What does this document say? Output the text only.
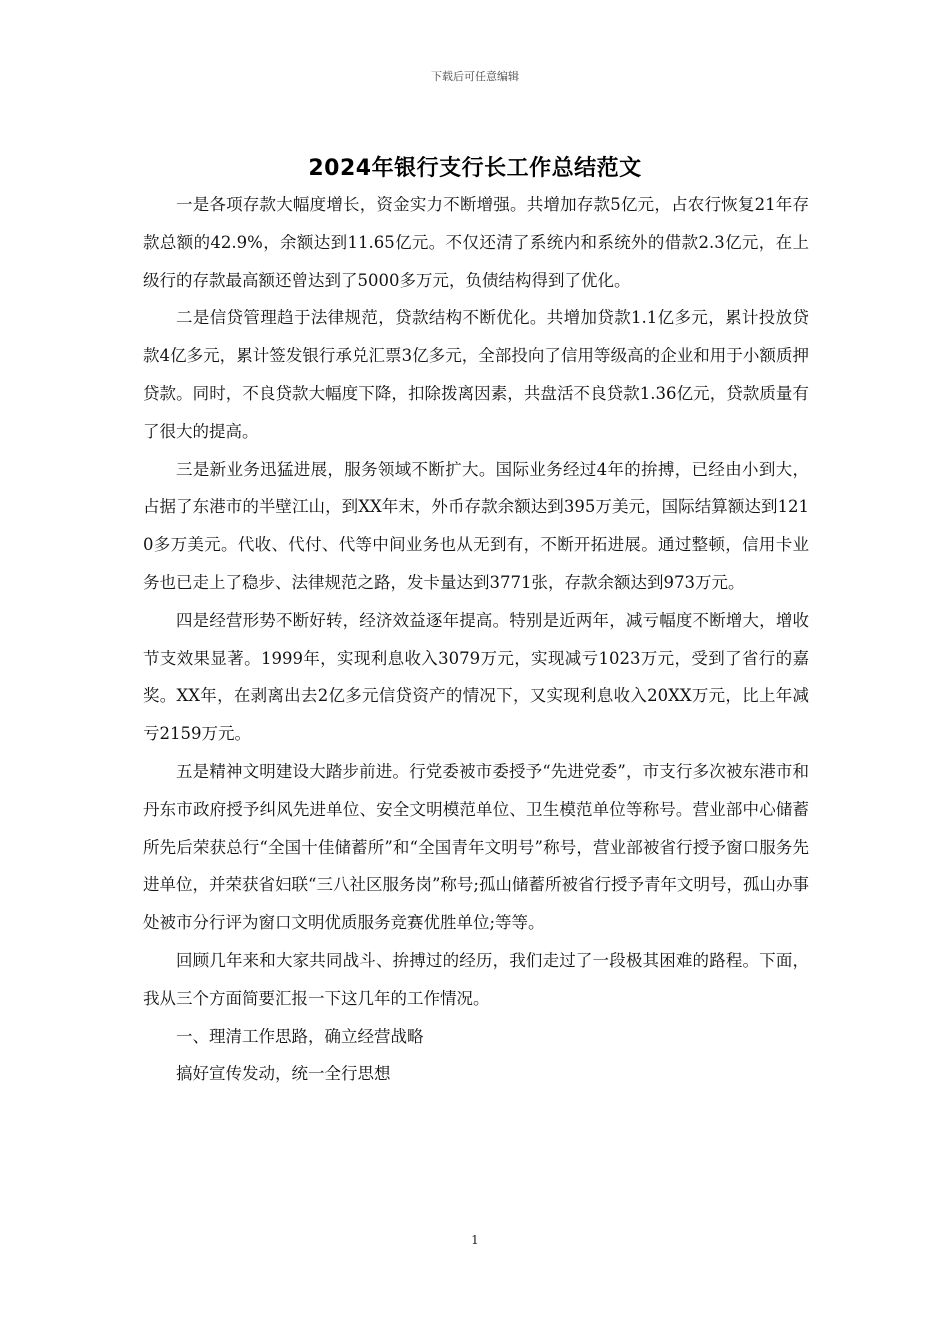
下载后可任意编辑
2024年银行支行长工作总结范文

一是各项存款大幅度增长，资金实力不断增强。共增加存款5亿元，占农行恢复21年存款总额的42.9%，余额达到11.65亿元。不仅还清了系统内和系统外的借款2.3亿元，在上级行的存款最高额还曾达到了5000多万元，负债结构得到了优化。

二是信贷管理趋于法律规范，贷款结构不断优化。共增加贷款1.1亿多元，累计投放贷款4亿多元，累计签发银行承兑汇票3亿多元，全部投向了信用等级高的企业和用于小额质押贷款。同时，不良贷款大幅度下降，扣除拨离因素，共盘活不良贷款1.36亿元，贷款质量有了很大的提高。

三是新业务迅猛进展，服务领域不断扩大。国际业务经过4年的拚搏，已经由小到大，占据了东港市的半壁江山，到XX年末，外币存款余额达到395万美元，国际结算额达到1210多万美元。代收、代付、代等中间业务也从无到有，不断开拓进展。通过整顿，信用卡业务也已走上了稳步、法律规范之路，发卡量达到3771张，存款余额达到973万元。

四是经营形势不断好转，经济效益逐年提高。特别是近两年，减亏幅度不断增大，增收节支效果显著。1999年，实现利息收入3079万元，实现减亏1023万元，受到了省行的嘉奖。XX年，在剥离出去2亿多元信贷资产的情况下，又实现利息收入20XX万元，比上年减亏2159万元。

五是精神文明建设大踏步前进。行党委被市委授予“先进党委”，市支行多次被东港市和丹东市政府授予纠风先进单位、安全文明模范单位、卫生模范单位等称号。营业部中心储蓄所先后荣获总行“全国十佳储蓄所”和“全国青年文明号”称号，营业部被省行授予窗口服务先进单位，并荣获省妇联“三八社区服务岗”称号;孤山储蓄所被省行授予青年文明号，孤山办事处被市分行评为窗口文明优质服务竞赛优胜单位;等等。

回顾几年来和大家共同战斗、拚搏过的经历，我们走过了一段极其困难的路程。下面，我从三个方面简要汇报一下这几年的工作情况。

一、理清工作思路，确立经营战略

搞好宣传发动，统一全行思想

1
